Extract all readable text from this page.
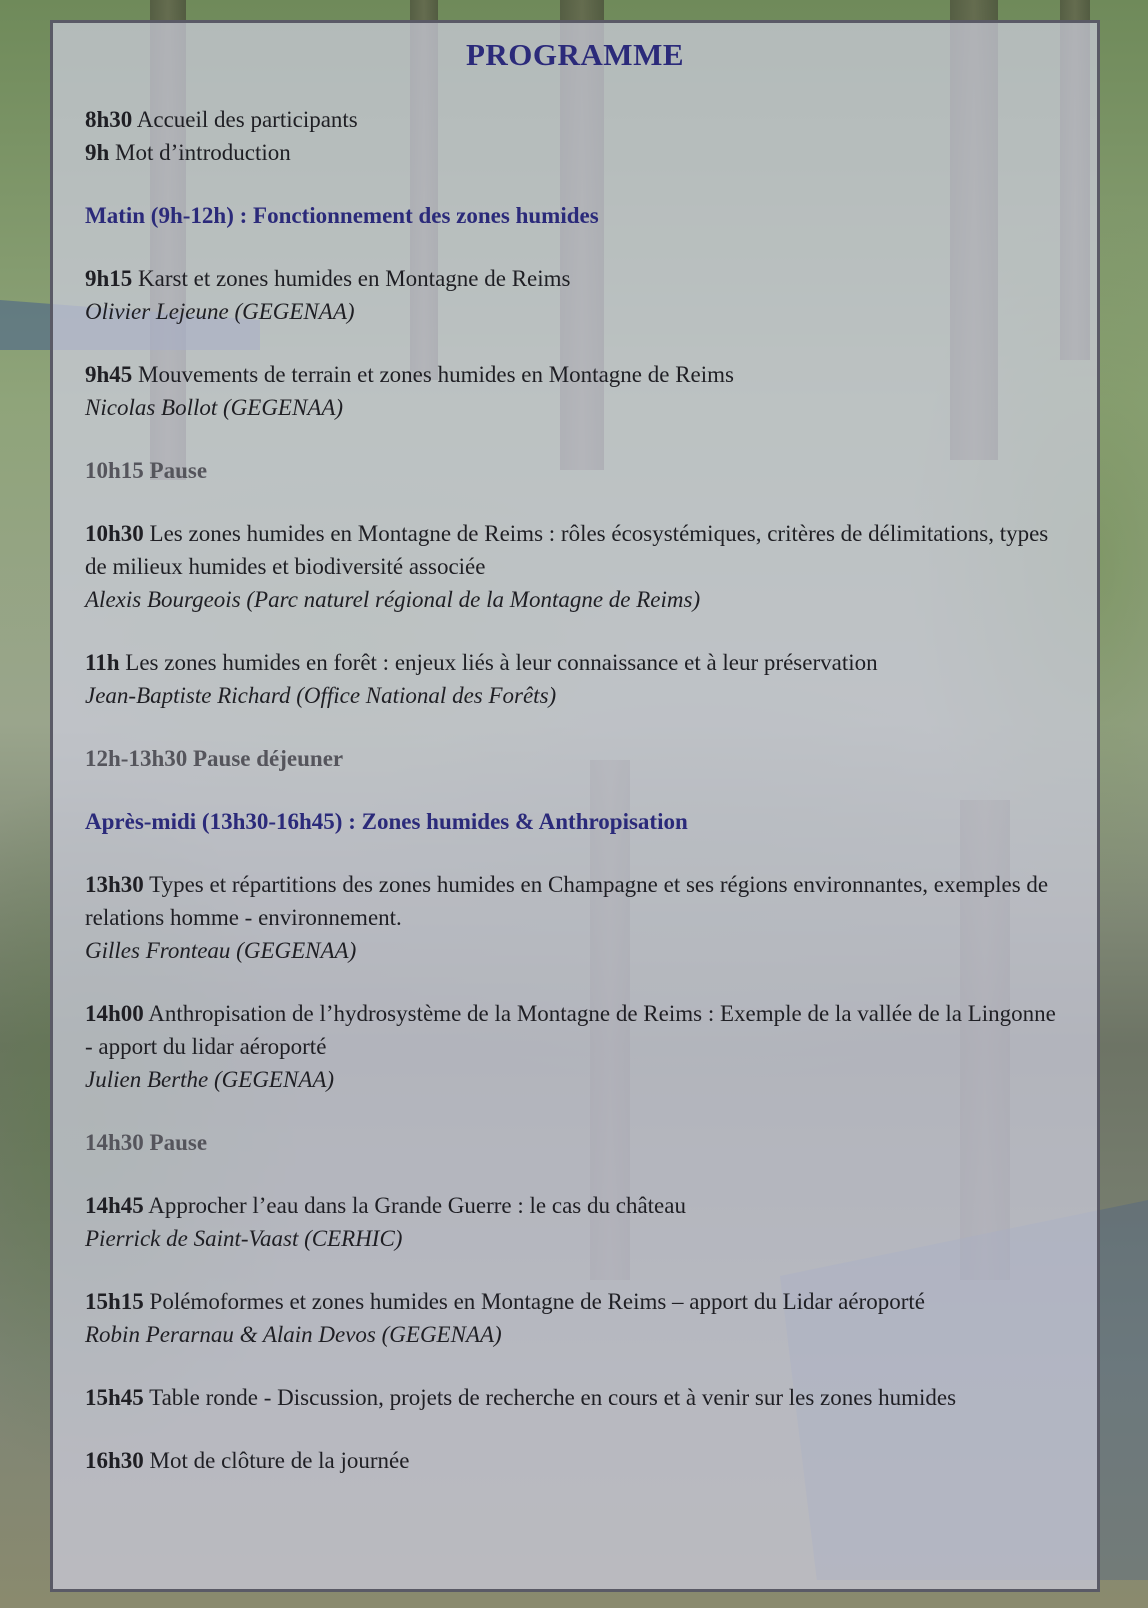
PROGRAMME
8h30 Accueil des participants
9h Mot d’introduction
Matin (9h-12h) : Fonctionnement des zones humides
9h15 Karst et zones humides en Montagne de Reims
Olivier Lejeune (GEGENAA)
9h45 Mouvements de terrain et zones humides en Montagne de Reims
Nicolas Bollot (GEGENAA)
10h15 Pause
10h30 Les zones humides en Montagne de Reims : rôles écosystémiques, critères de délimitations, types de milieux humides et biodiversité associée
Alexis Bourgeois (Parc naturel régional de la Montagne de Reims)
11h Les zones humides en forêt : enjeux liés à leur connaissance et à leur préservation
Jean-Baptiste Richard (Office National des Forêts)
12h-13h30 Pause déjeuner
Après-midi (13h30-16h45) : Zones humides & Anthropisation
13h30 Types et répartitions des zones humides en Champagne et ses régions environnantes, exemples de relations homme - environnement.
Gilles Fronteau (GEGENAA)
14h00 Anthropisation de l’hydrosystème de la Montagne de Reims : Exemple de la vallée de la Lingonne - apport du lidar aéroporté
Julien Berthe (GEGENAA)
14h30 Pause
14h45 Approcher l’eau dans la Grande Guerre : le cas du château
Pierrick de Saint-Vaast (CERHIC)
15h15 Polémoformes et zones humides en Montagne de Reims – apport du Lidar aéroporté
Robin Perarnau & Alain Devos (GEGENAA)
15h45 Table ronde - Discussion, projets de recherche en cours et à venir sur les zones humides
16h30 Mot de clôture de la journée
